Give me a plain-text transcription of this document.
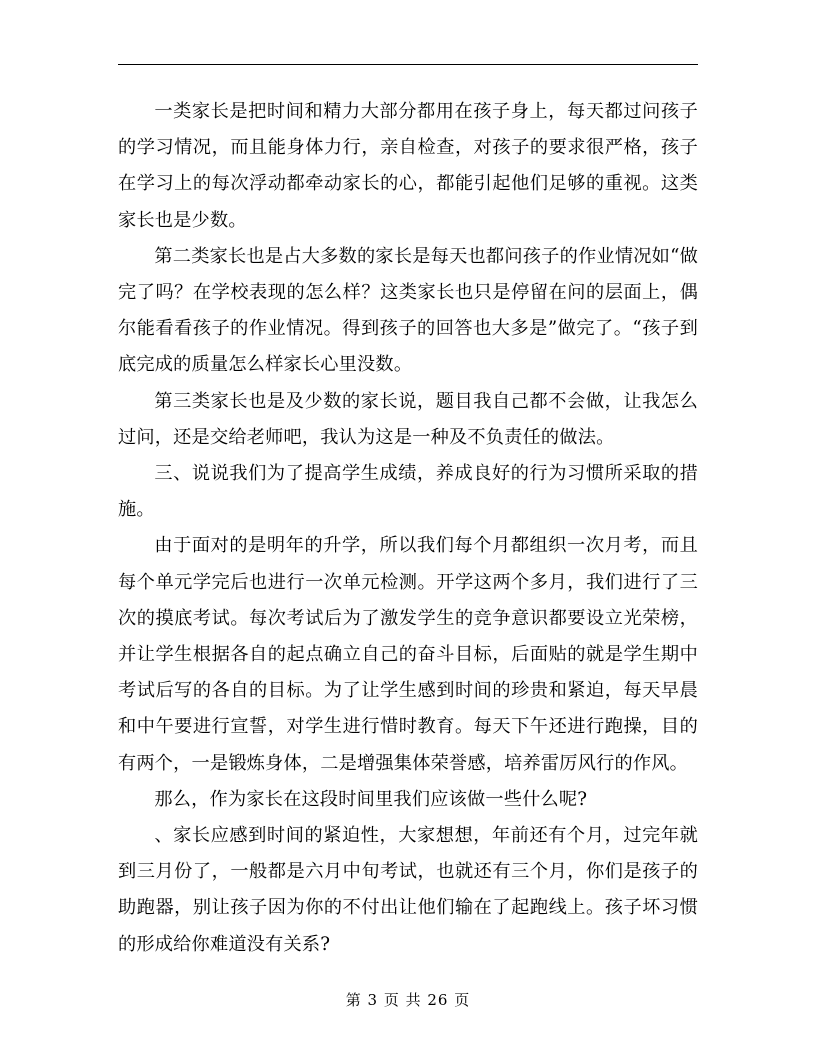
一类家长是把时间和精力大部分都用在孩子身上，每天都过问孩子的学习情况，而且能身体力行，亲自检查，对孩子的要求很严格，孩子在学习上的每次浮动都牵动家长的心，都能引起他们足够的重视。这类家长也是少数。

第二类家长也是占大多数的家长是每天也都问孩子的作业情况如“做完了吗？在学校表现的怎么样？这类家长也只是停留在问的层面上，偶尔能看看孩子的作业情况。得到孩子的回答也大多是”做完了。“孩子到底完成的质量怎么样家长心里没数。

第三类家长也是及少数的家长说，题目我自己都不会做，让我怎么过问，还是交给老师吧，我认为这是一种及不负责任的做法。

三、说说我们为了提高学生成绩，养成良好的行为习惯所采取的措施。

由于面对的是明年的升学，所以我们每个月都组织一次月考，而且每个单元学完后也进行一次单元检测。开学这两个多月，我们进行了三次的摸底考试。每次考试后为了激发学生的竞争意识都要设立光荣榜，并让学生根据各自的起点确立自己的奋斗目标，后面贴的就是学生期中考试后写的各自的目标。为了让学生感到时间的珍贵和紧迫，每天早晨和中午要进行宣誓，对学生进行惜时教育。每天下午还进行跑操，目的有两个，一是锻炼身体，二是增强集体荣誉感，培养雷厉风行的作风。

那么，作为家长在这段时间里我们应该做一些什么呢?

、家长应感到时间的紧迫性，大家想想，年前还有个月，过完年就到三月份了，一般都是六月中旬考试，也就还有三个月，你们是孩子的助跑器，别让孩子因为你的不付出让他们输在了起跑线上。孩子坏习惯的形成给你难道没有关系?

第 3 页 共 26 页
